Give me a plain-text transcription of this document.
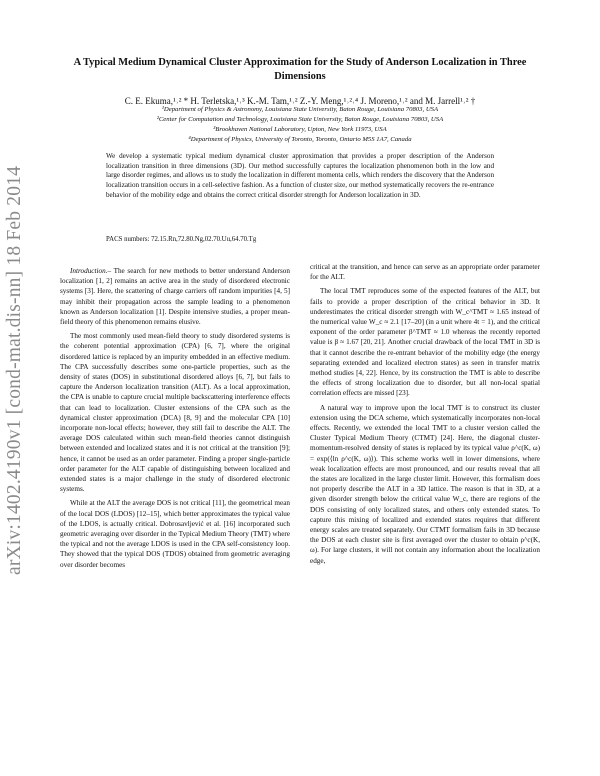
arXiv:1402.4190v1 [cond-mat.dis-nn] 18 Feb 2014
A Typical Medium Dynamical Cluster Approximation for the Study of Anderson Localization in Three Dimensions
C. E. Ekuma,¹˒² * H. Terletska,¹˒³ K.-M. Tam,¹˒² Z.-Y. Meng,¹˒²˒⁴ J. Moreno,¹˒² and M. Jarrell¹˒² †
¹Department of Physics & Astronomy, Louisiana State University, Baton Rouge, Louisiana 70803, USA
²Center for Computation and Technology, Louisiana State University, Baton Rouge, Louisiana 70803, USA
³Brookhaven National Laboratory, Upton, New York 11973, USA
⁴Department of Physics, University of Toronto, Toronto, Ontario M5S 1A7, Canada
We develop a systematic typical medium dynamical cluster approximation that provides a proper description of the Anderson localization transition in three dimensions (3D). Our method successfully captures the localization phenomenon both in the low and large disorder regimes, and allows us to study the localization in different momenta cells, which renders the discovery that the Anderson localization transition occurs in a cell-selective fashion. As a function of cluster size, our method systematically recovers the re-entrance behavior of the mobility edge and obtains the correct critical disorder strength for Anderson localization in 3D.
PACS numbers: 72.15.Rn,72.80.Ng,02.70.Uu,64.70.Tg

Introduction.– The search for new methods to better understand Anderson localization [1, 2] remains an active area in the study of disordered electronic systems [3]. Here, the scattering of charge carriers off random impurities [4, 5] may inhibit their propagation across the sample leading to a phenomenon known as Anderson localization [1]. Despite intensive studies, a proper mean-field theory of this phenomenon remains elusive.

The most commonly used mean-field theory to study disordered systems is the coherent potential approximation (CPA) [6, 7], where the original disordered lattice is replaced by an impurity embedded in an effective medium. The CPA successfully describes some one-particle properties, such as the density of states (DOS) in substitutional disordered alloys [6, 7], but fails to capture the Anderson localization transition (ALT). As a local approximation, the CPA is unable to capture crucial multiple backscattering interference effects that can lead to localization. Cluster extensions of the CPA such as the dynamical cluster approximation (DCA) [8, 9] and the molecular CPA [10] incorporate non-local effects; however, they still fail to describe the ALT. The average DOS calculated within such mean-field theories cannot distinguish between extended and localized states and it is not critical at the transition [9]; hence, it cannot be used as an order parameter. Finding a proper single-particle order parameter for the ALT capable of distinguishing between localized and extended states is a major challenge in the study of disordered electronic systems.

While at the ALT the average DOS is not critical [11], the geometrical mean of the local DOS (LDOS) [12–15], which better approximates the typical value of the LDOS, is actually critical. Dobrosavljević et al. [16] incorporated such geometric averaging over disorder in the Typical Medium Theory (TMT) where the typical and not the average LDOS is used in the CPA self-consistency loop. They showed that the typical DOS (TDOS) obtained from geometric averaging over disorder becomes

critical at the transition, and hence can serve as an appropriate order parameter for the ALT.

The local TMT reproduces some of the expected features of the ALT, but fails to provide a proper description of the critical behavior in 3D. It underestimates the critical disorder strength with W_c^TMT ≈ 1.65 instead of the numerical value W_c ≈ 2.1 [17–20] (in a unit where 4t = 1), and the critical exponent of the order parameter β^TMT ≈ 1.0 whereas the recently reported value is β ≈ 1.67 [20, 21]. Another crucial drawback of the local TMT in 3D is that it cannot describe the re-entrant behavior of the mobility edge (the energy separating extended and localized electron states) as seen in transfer matrix method studies [4, 22]. Hence, by its construction the TMT is able to describe the effects of strong localization due to disorder, but all non-local spatial correlation effects are missed [23].

A natural way to improve upon the local TMT is to construct its cluster extension using the DCA scheme, which systematically incorporates non-local effects. Recently, we extended the local TMT to a cluster version called the Cluster Typical Medium Theory (CTMT) [24]. Here, the diagonal cluster-momentum-resolved density of states is replaced by its typical value ρ^c(K, ω) = exp(⟨ln ρ^c(K, ω)⟩). This scheme works well in lower dimensions, where weak localization effects are most pronounced, and our results reveal that all the states are localized in the large cluster limit. However, this formalism does not properly describe the ALT in a 3D lattice. The reason is that in 3D, at a given disorder strength below the critical value W_c, there are regions of the DOS consisting of only localized states, and others only extended states. To capture this mixing of localized and extended states requires that different energy scales are treated separately. Our CTMT formalism fails in 3D because the DOS at each cluster site is first averaged over the cluster to obtain ρ^c(K, ω). For large clusters, it will not contain any information about the localization edge,
